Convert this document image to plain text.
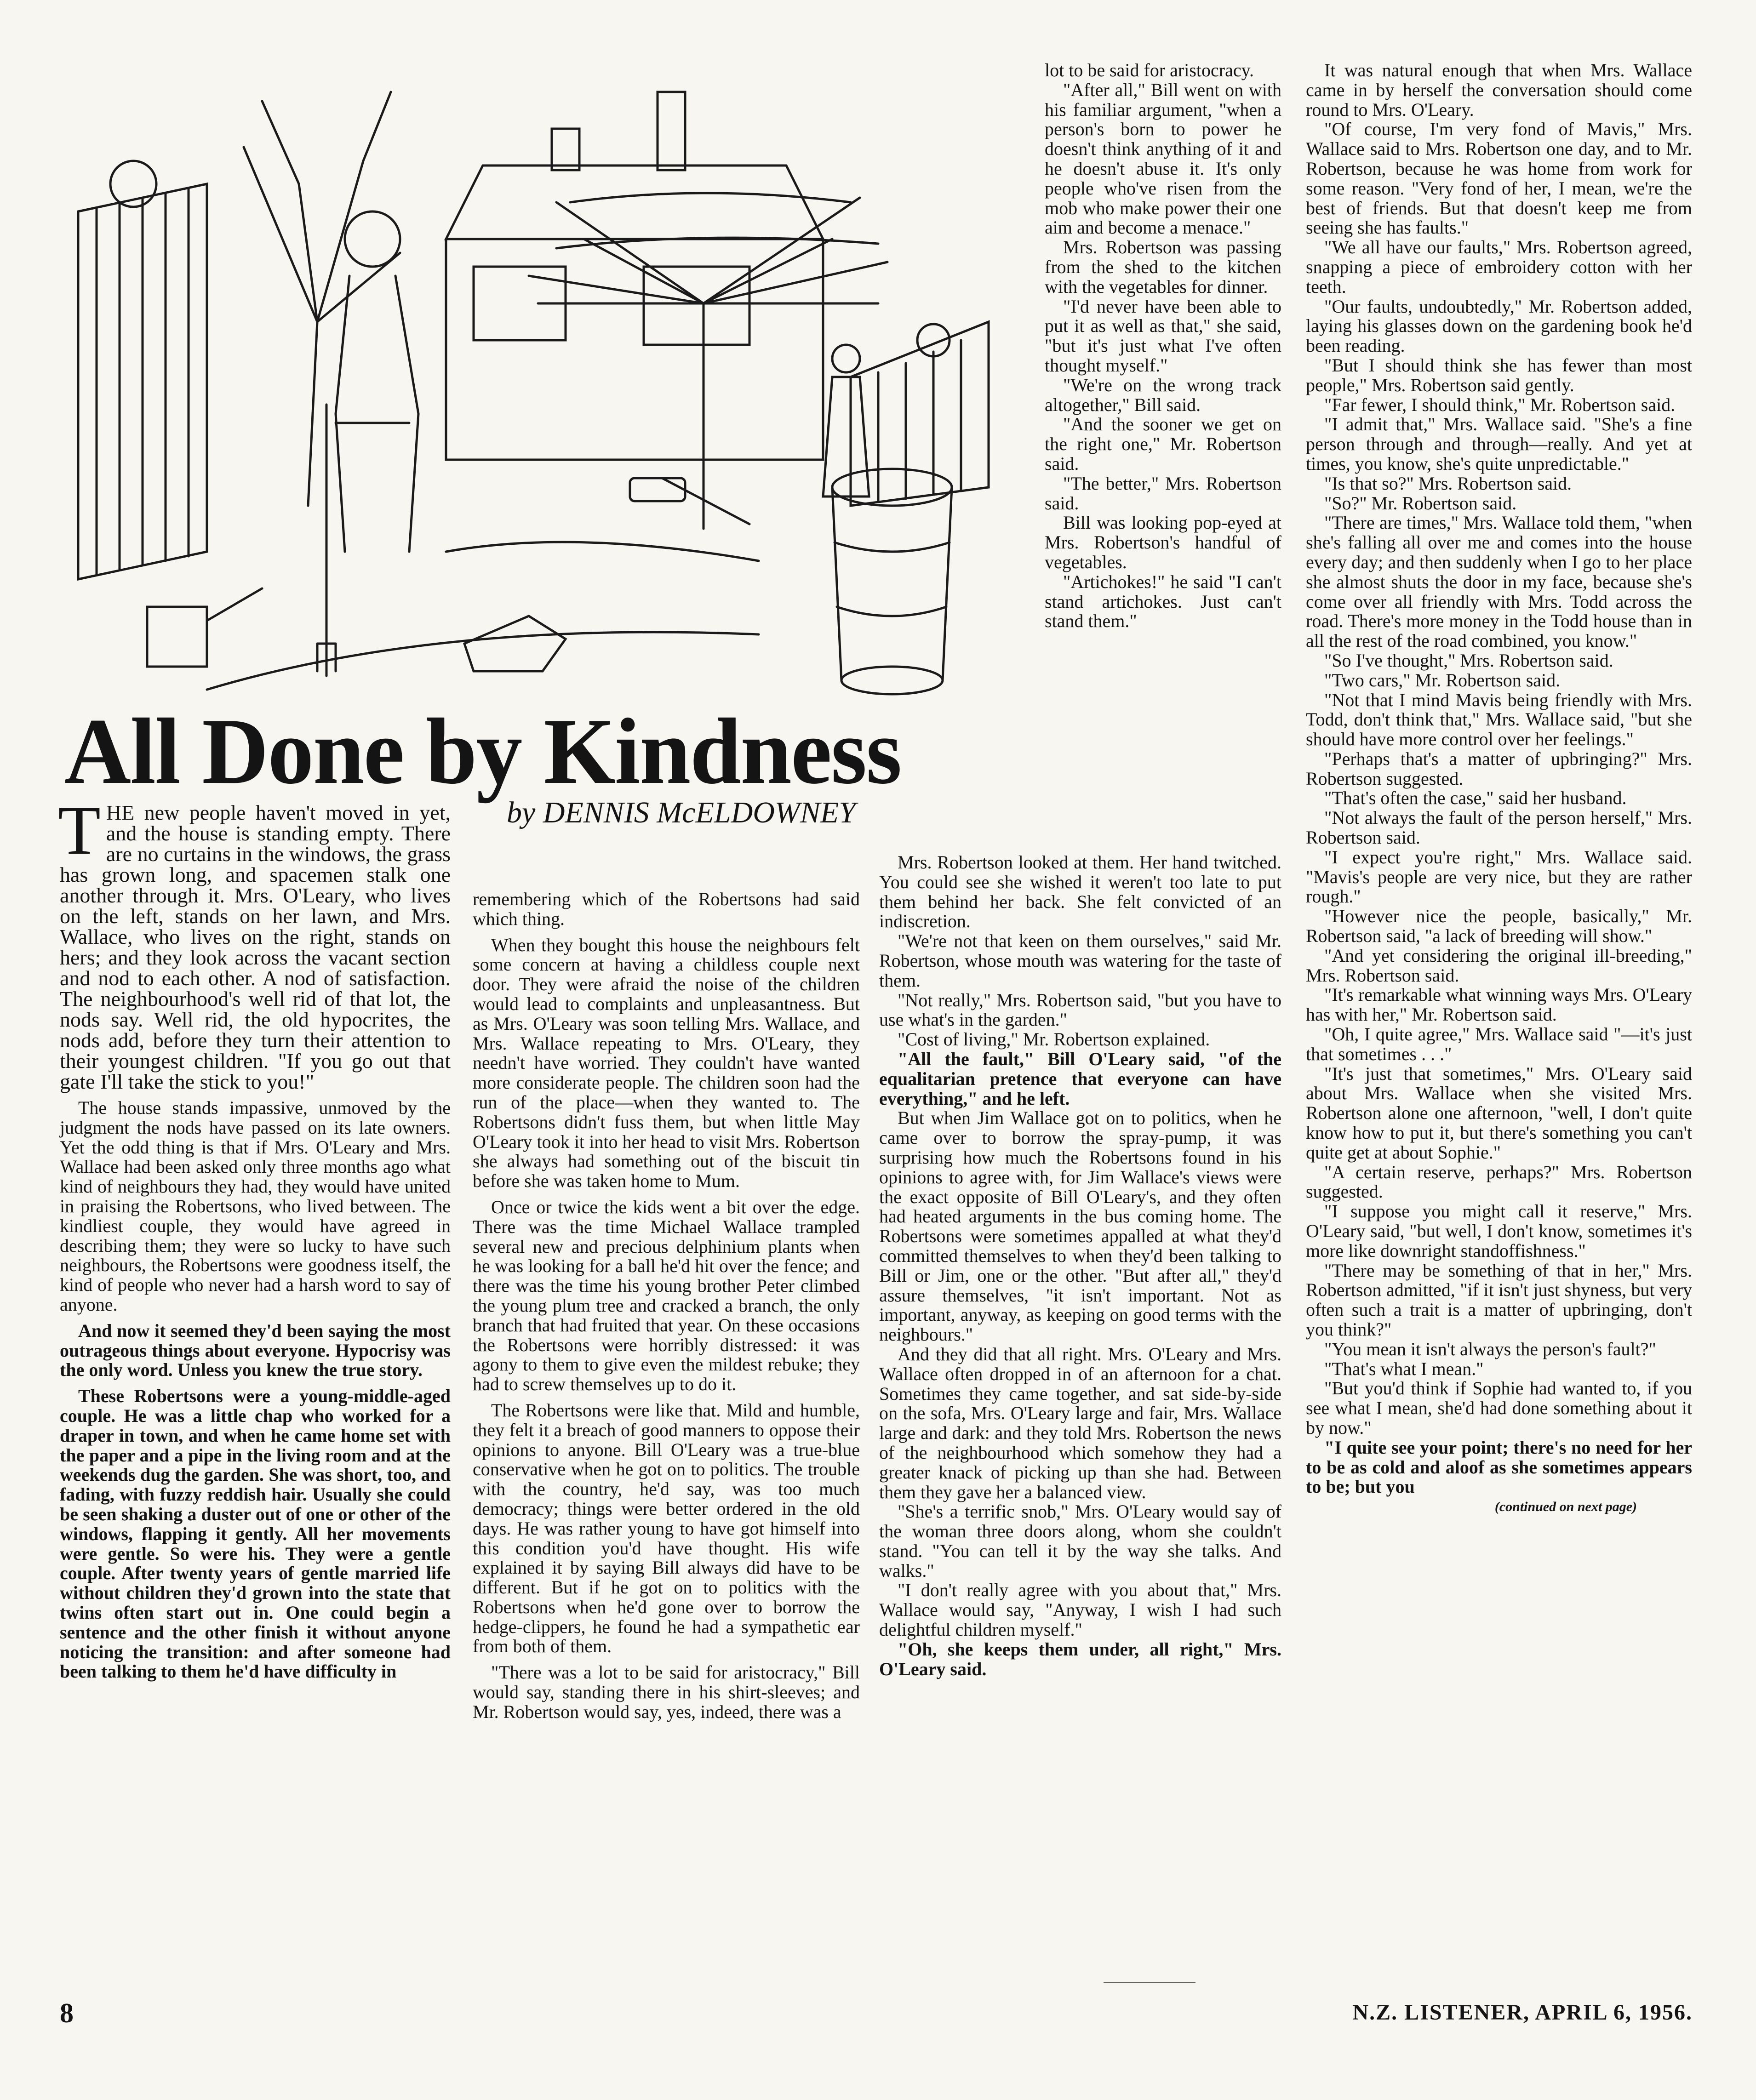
All Done by Kindness
by DENNIS McELDOWNEY

THE new people haven't moved in yet, and the house is standing empty. There are no curtains in the windows, the grass has grown long, and spacemen stalk one another through it. Mrs. O'Leary, who lives on the left, stands on her lawn, and Mrs. Wallace, who lives on the right, stands on hers; and they look across the vacant section and nod to each other. A nod of satisfaction. The neighbourhood's well rid of that lot, the nods say. Well rid, the old hypocrites, the nods add, before they turn their attention to their youngest children. "If you go out that gate I'll take the stick to you!"

The house stands impassive, unmoved by the judgment the nods have passed on its late owners. Yet the odd thing is that if Mrs. O'Leary and Mrs. Wallace had been asked only three months ago what kind of neighbours they had, they would have united in praising the Robertsons, who lived between. The kindliest couple, they would have agreed in describing them; they were so lucky to have such neighbours, the Robertsons were goodness itself, the kind of people who never had a harsh word to say of anyone.

And now it seemed they'd been saying the most outrageous things about everyone. Hypocrisy was the only word. Unless you knew the true story.

These Robertsons were a young-middle-aged couple. He was a little chap who worked for a draper in town, and when he came home set with the paper and a pipe in the living room and at the weekends dug the garden. She was short, too, and fading, with fuzzy reddish hair. Usually she could be seen shaking a duster out of one or other of the windows, flapping it gently. All her movements were gentle. So were his. They were a gentle couple. After twenty years of gentle married life without children they'd grown into the state that twins often start out in. One could begin a sentence and the other finish it without anyone noticing the transition: and after someone had been talking to them he'd have difficulty in

remembering which of the Robertsons had said which thing.

When they bought this house the neighbours felt some concern at having a childless couple next door. They were afraid the noise of the children would lead to complaints and unpleasantness. But as Mrs. O'Leary was soon telling Mrs. Wallace, and Mrs. Wallace repeating to Mrs. O'Leary, they needn't have worried. They couldn't have wanted more considerate people. The children soon had the run of the place—when they wanted to. The Robertsons didn't fuss them, but when little May O'Leary took it into her head to visit Mrs. Robertson she always had something out of the biscuit tin before she was taken home to Mum.

Once or twice the kids went a bit over the edge. There was the time Michael Wallace trampled several new and precious delphinium plants when he was looking for a ball he'd hit over the fence; and there was the time his young brother Peter climbed the young plum tree and cracked a branch, the only branch that had fruited that year. On these occasions the Robertsons were horribly distressed: it was agony to them to give even the mildest rebuke; they had to screw themselves up to do it.

The Robertsons were like that. Mild and humble, they felt it a breach of good manners to oppose their opinions to anyone. Bill O'Leary was a true-blue conservative when he got on to politics. The trouble with the country, he'd say, was too much democracy; things were better ordered in the old days. He was rather young to have got himself into this condition you'd have thought. His wife explained it by saying Bill always did have to be different. But if he got on to politics with the Robertsons when he'd gone over to borrow the hedge-clippers, he found he had a sympathetic ear from both of them.

"There was a lot to be said for aristocracy," Bill would say, standing there in his shirt-sleeves; and Mr. Robertson would say, yes, indeed, there was a

lot to be said for aristocracy.

"After all," Bill went on with his familiar argument, "when a person's born to power he doesn't think anything of it and he doesn't abuse it. It's only people who've risen from the mob who make power their one aim and become a menace."

Mrs. Robertson was passing from the shed to the kitchen with the vegetables for dinner.

"I'd never have been able to put it as well as that," she said, "but it's just what I've often thought myself."

"We're on the wrong track altogether," Bill said.

"And the sooner we get on the right one," Mr. Robertson said.

"The better," Mrs. Robertson said.

Bill was looking pop-eyed at Mrs. Robertson's handful of vegetables.

"Artichokes!" he said "I can't stand artichokes. Just can't stand them."

Mrs. Robertson looked at them. Her hand twitched. You could see she wished it weren't too late to put them behind her back. She felt convicted of an indiscretion.

"We're not that keen on them ourselves," said Mr. Robertson, whose mouth was watering for the taste of them.

"Not really," Mrs. Robertson said, "but you have to use what's in the garden."

"Cost of living," Mr. Robertson explained.

"All the fault," Bill O'Leary said, "of the equalitarian pretence that everyone can have everything," and he left.

But when Jim Wallace got on to politics, when he came over to borrow the spray-pump, it was surprising how much the Robertsons found in his opinions to agree with, for Jim Wallace's views were the exact opposite of Bill O'Leary's, and they often had heated arguments in the bus coming home. The Robertsons were sometimes appalled at what they'd committed themselves to when they'd been talking to Bill or Jim, one or the other. "But after all," they'd assure themselves, "it isn't important. Not as important, anyway, as keeping on good terms with the neighbours."

And they did that all right. Mrs. O'Leary and Mrs. Wallace often dropped in of an afternoon for a chat. Sometimes they came together, and sat side-by-side on the sofa, Mrs. O'Leary large and fair, Mrs. Wallace large and dark: and they told Mrs. Robertson the news of the neighbourhood which somehow they had a greater knack of picking up than she had. Between them they gave her a balanced view.

"She's a terrific snob," Mrs. O'Leary would say of the woman three doors along, whom she couldn't stand. "You can tell it by the way she talks. And walks."

"I don't really agree with you about that," Mrs. Wallace would say, "Anyway, I wish I had such delightful children myself."

"Oh, she keeps them under, all right," Mrs. O'Leary said.

It was natural enough that when Mrs. Wallace came in by herself the conversation should come round to Mrs. O'Leary.

"Of course, I'm very fond of Mavis," Mrs. Wallace said to Mrs. Robertson one day, and to Mr. Robertson, because he was home from work for some reason. "Very fond of her, I mean, we're the best of friends. But that doesn't keep me from seeing she has faults."

"We all have our faults," Mrs. Robertson agreed, snapping a piece of embroidery cotton with her teeth.

"Our faults, undoubtedly," Mr. Robertson added, laying his glasses down on the gardening book he'd been reading.

"But I should think she has fewer than most people," Mrs. Robertson said gently.

"Far fewer, I should think," Mr. Robertson said.

"I admit that," Mrs. Wallace said. "She's a fine person through and through—really. And yet at times, you know, she's quite unpredictable."

"Is that so?" Mrs. Robertson said.

"So?" Mr. Robertson said.

"There are times," Mrs. Wallace told them, "when she's falling all over me and comes into the house every day; and then suddenly when I go to her place she almost shuts the door in my face, because she's come over all friendly with Mrs. Todd across the road. There's more money in the Todd house than in all the rest of the road combined, you know."

"So I've thought," Mrs. Robertson said.

"Two cars," Mr. Robertson said.

"Not that I mind Mavis being friendly with Mrs. Todd, don't think that," Mrs. Wallace said, "but she should have more control over her feelings."

"Perhaps that's a matter of upbringing?" Mrs. Robertson suggested.

"That's often the case," said her husband.

"Not always the fault of the person herself," Mrs. Robertson said.

"I expect you're right," Mrs. Wallace said. "Mavis's people are very nice, but they are rather rough."

"However nice the people, basically," Mr. Robertson said, "a lack of breeding will show."

"And yet considering the original ill-breeding," Mrs. Robertson said.

"It's remarkable what winning ways Mrs. O'Leary has with her," Mr. Robertson said.

"Oh, I quite agree," Mrs. Wallace said "—it's just that sometimes . . ."

"It's just that sometimes," Mrs. O'Leary said about Mrs. Wallace when she visited Mrs. Robertson alone one afternoon, "well, I don't quite know how to put it, but there's something you can't quite get at about Sophie."

"A certain reserve, perhaps?" Mrs. Robertson suggested.

"I suppose you might call it reserve," Mrs. O'Leary said, "but well, I don't know, sometimes it's more like downright standoffishness."

"There may be something of that in her," Mrs. Robertson admitted, "if it isn't just shyness, but very often such a trait is a matter of upbringing, don't you think?"

"You mean it isn't always the person's fault?"

"That's what I mean."

"But you'd think if Sophie had wanted to, if you see what I mean, she'd had done something about it by now."

"I quite see your point; there's no need for her to be as cold and aloof as she sometimes appears to be; but you

(continued on next page)
8	N.Z. LISTENER, APRIL 6, 1956.
